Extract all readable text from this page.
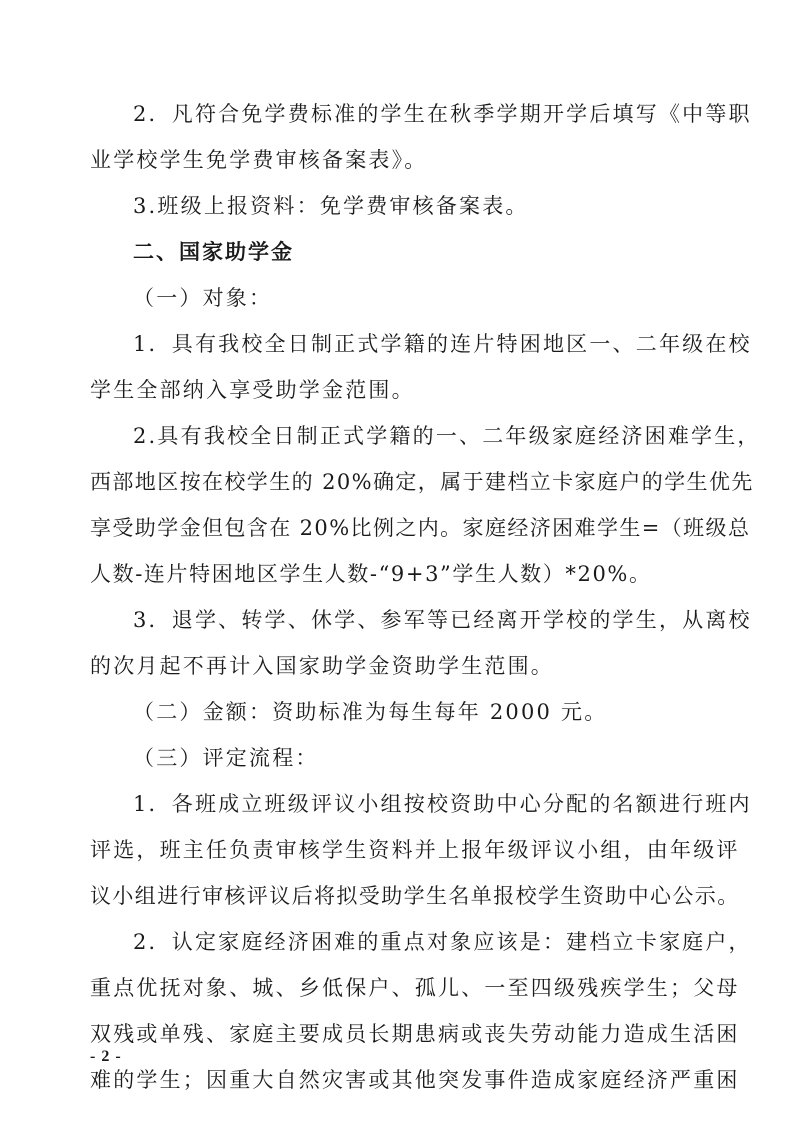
2．凡符合免学费标准的学生在秋季学期开学后填写《中等职
业学校学生免学费审核备案表》。
3.班级上报资料：免学费审核备案表。
二、国家助学金
（一）对象：
1．具有我校全日制正式学籍的连片特困地区一、二年级在校
学生全部纳入享受助学金范围。
2.具有我校全日制正式学籍的一、二年级家庭经济困难学生，
西部地区按在校学生的 20%确定，属于建档立卡家庭户的学生优先
享受助学金但包含在 20%比例之内。家庭经济困难学生=（班级总
人数-连片特困地区学生人数-“9+3”学生人数）*20%。
3．退学、转学、休学、参军等已经离开学校的学生，从离校
的次月起不再计入国家助学金资助学生范围。
（二）金额：资助标准为每生每年 2000 元。
（三）评定流程：
1．各班成立班级评议小组按校资助中心分配的名额进行班内
评选，班主任负责审核学生资料并上报年级评议小组，由年级评
议小组进行审核评议后将拟受助学生名单报校学生资助中心公示。
2．认定家庭经济困难的重点对象应该是：建档立卡家庭户，
重点优抚对象、城、乡低保户、孤儿、一至四级残疾学生；父母
双残或单残、家庭主要成员长期患病或丧失劳动能力造成生活困
难的学生；因重大自然灾害或其他突发事件造成家庭经济严重困
- 2 -
